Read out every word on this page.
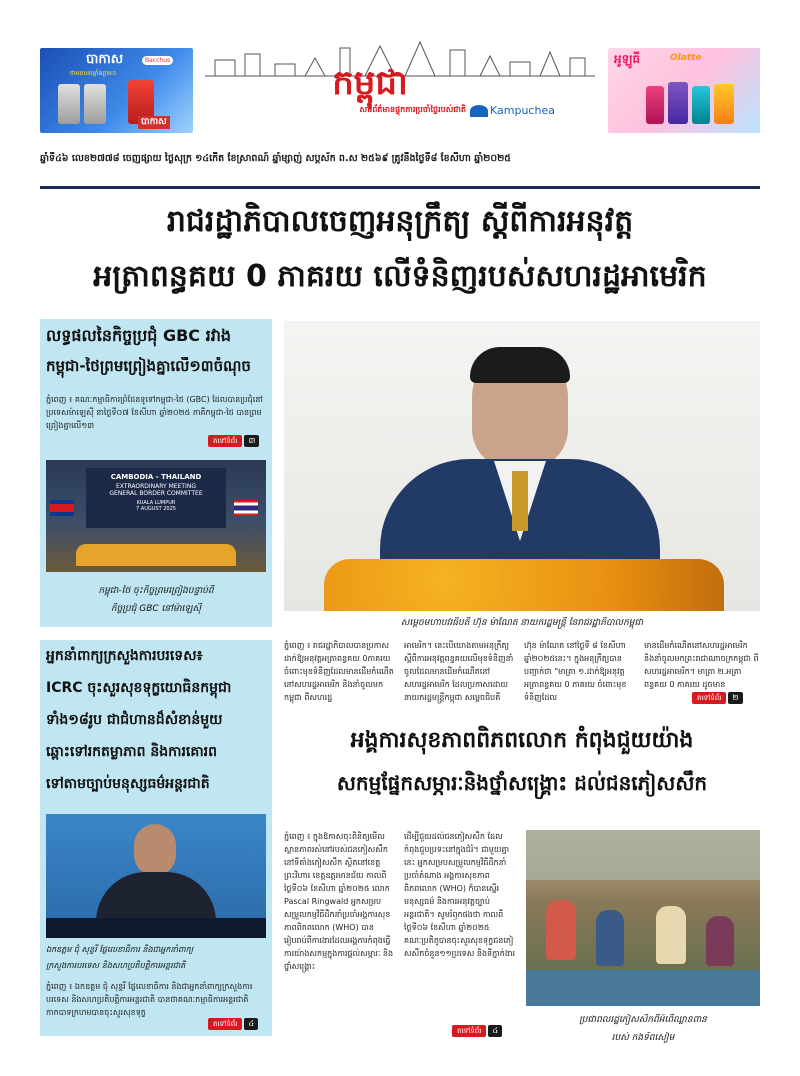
បាកាស
ថាមពលកម្លាំងភ្លាមៗ
Bacchus
បាកាស
កម្ពុជា
សារព័ត៌មានផ្ទុកការប្រចាំថ្ងៃរបស់ជាតិ Kampuchea
អូឡូធី	Olatte
ឆ្នាំទី៤៦ លេខ២៧៧៨ ចេញផ្សាយ ថ្ងៃសុក្រ ១៤កើត ខែស្រាពណ៍ ឆ្នាំម្សាញ់ សប្តស័ក ព.ស ២៥៦៩ ត្រូវនឹងថ្ងៃទី៨ ខែសីហា ឆ្នាំ២០២៥
រាជរដ្ឋាភិបាលចេញអនុក្រឹត្យ ស្តីពីការអនុវត្ត
អត្រាពន្ធគយ 0 ភាគរយ លើទំនិញរបស់សហរដ្ឋអាមេរិក
លទ្ធផលនៃកិច្ចប្រជុំ GBC រវាង
កម្ពុជា-ថៃព្រមព្រៀងគ្នាលើ១៣ចំណុច
ភ្នំពេញ ៖ គណៈកម្មាធិការព្រំដែនទូទៅកម្ពុជា-ថៃ (GBC) ដែលបានប្រជុំនៅប្រទេសម៉ាឡេស៊ី នាថ្ងៃទី០៧ ខែសីហា ឆ្នាំ២០២៥ ភាគីកម្ពុជា-ថៃ បានព្រមព្រៀងគ្នាលើ១៣
តទៅទំព័រ	៣
CAMBODIA - THAILAND
EXTRAORDINARY MEETING
GENERAL BORDER COMMITTEE
KUALA LUMPUR
7 AUGUST 2025
កម្ពុជា-ថៃ ចុះកិច្ចព្រមព្រៀងបន្ទាប់ពី
កិច្ចប្រជុំ GBC នៅម៉ាឡេស៊ី
សម្តេចមហាបវរធិបតី ហ៊ុន ម៉ាណែត នាយករដ្ឋមន្ត្រី នៃរាជរដ្ឋាភិបាលកម្ពុជា
ភ្នំពេញ ៖ រាជរដ្ឋាភិបាលបានប្រកាសដាក់ឱ្យអនុវត្តអត្រាពន្ធគយ 0ភាគរយ ចំពោះមុខទំនិញដែលមានដើមកំណើតនៅសហរដ្ឋអាមេរិក និងនាំចូលមកកម្ពុជា ពីសហរដ្ឋ
អាមេរិក។ នេះបើយោងតាមអនុក្រឹត្យស្តីពីការអនុវត្តពន្ធគយលើមុខទំនិញនាំចូលដែលមានដើមកំណើតនៅសហរដ្ឋអាមេរិក ដែលប្រកាសដោយនាយករដ្ឋមន្ត្រីកម្ពុជា សម្តេចធិបតី
ហ៊ុន ម៉ាណែត នៅថ្ងៃទី ៨ ខែសីហា ឆ្នាំ២០២៥នេះ។ ក្នុងអនុក្រឹត្យបានបញ្ជាក់ថា "មាត្រា ១.ដាក់ឱ្យអនុវត្តអត្រាពន្ធគយ 0 ភាគរយ ចំពោះមុខទំនិញដែល
មានដើមកំណើតនៅសហរដ្ឋអាមេរិក និងនាំចូលមកព្រះរាជាណាចក្រកម្ពុជា ពីសហរដ្ឋអាមេរិក។ មាត្រា ២.អត្រាពន្ធគយ 0 ភាគរយ ដូចមាន
តទៅទំព័រ	២
អ្នកនាំពាក្យក្រសួងការបរទេស៖
ICRC ចុះសួរសុខទុក្ខយោធិនកម្ពុជា
ទាំង១៨រូប ជាជំហានដ៏សំខាន់មួយ
ឆ្ពោះទៅរកតម្លាភាព និងការគោរព
ទៅតាមច្បាប់មនុស្សធម៌អន្តរជាតិ
ឯកឧត្តម ជុំ សុន្ទរី ផ្លែលេខាធិការ និងជាអ្នកនាំពាក្យ
ក្រសួងការបរទេស និងសហប្រតិបត្តិការអន្តរជាតិ
ភ្នំពេញ ៖ ឯកឧត្តម ជុំ សុន្ទរី ផ្លែលេខាធិការ និងជាអ្នកនាំពាក្យក្រសួងការបរទេស និងសហប្រតិបត្តិការអន្តរជាតិ បានថាគណៈកម្មាធិការអន្តរជាតិកាកបាទក្រហមបានចុះសួរសុខទុក្ខ
តទៅទំព័រ	៤
អង្គការសុខភាពពិភពលោក កំពុងជួយយ៉ាង
សកម្មផ្នែកសម្ភារៈនិងថ្នាំសង្គ្រោះ ដល់ជនភៀសសឹក
ភ្នំពេញ ៖ ក្នុងឱកាសចុះពិនិត្យមើលស្ថានភាពរស់នៅរបស់ជនភៀសសឹក នៅទីតាំងភៀសសឹក ស្ថិតនៅខេត្តព្រះវិហារ ខេត្តឧត្តរមានជ័យ កាលពីថ្ងៃទី០៦ ខែសីហា ឆ្នាំ២០២៥ លោក Pascal Ringwald អ្នកសម្របសម្រួលកម្មវិធីដឹកនាំប្រចាំអង្គការសុខភាពពិភពលោក (WHO) បានរៀបរាប់ពីការងារដែលអង្គការកំពុងធ្វើការយ៉ាងសកម្មក្នុងការផ្តល់សម្ភារៈ និងថ្នាំសង្គ្រោះ
ដើម្បីជួយដល់ជនភៀសសឹក ដែលកំពុងជួបប្រទះនៅក្នុងជំរំ។ ជាមួយគ្នា នេះ អ្នកសម្របសម្រួលកម្មវិធីដឹកនាំប្រចាំតំណាង អង្គការសុខភាពពិភពលោក (WHO) ក៏បានស្នើរមនុស្សធម៌ និងការអនុវត្តច្បាប់អន្តរជាតិ។ សូមរំឭកផងថា កាលពីថ្ងៃទី០៦ ខែសីហា ឆ្នាំ២០២៥ គណៈប្រតិភូបានចុះសួរសុខទុក្ខជនភៀសសឹកចំនួន១១ប្រទេស និងទីភ្នាក់ងារ
តទៅទំព័រ	៤
ប្រជាពលរដ្ឋភៀសសឹកពីអំពើឈ្លានពាន
របស់ កងទ័ពសៀម
